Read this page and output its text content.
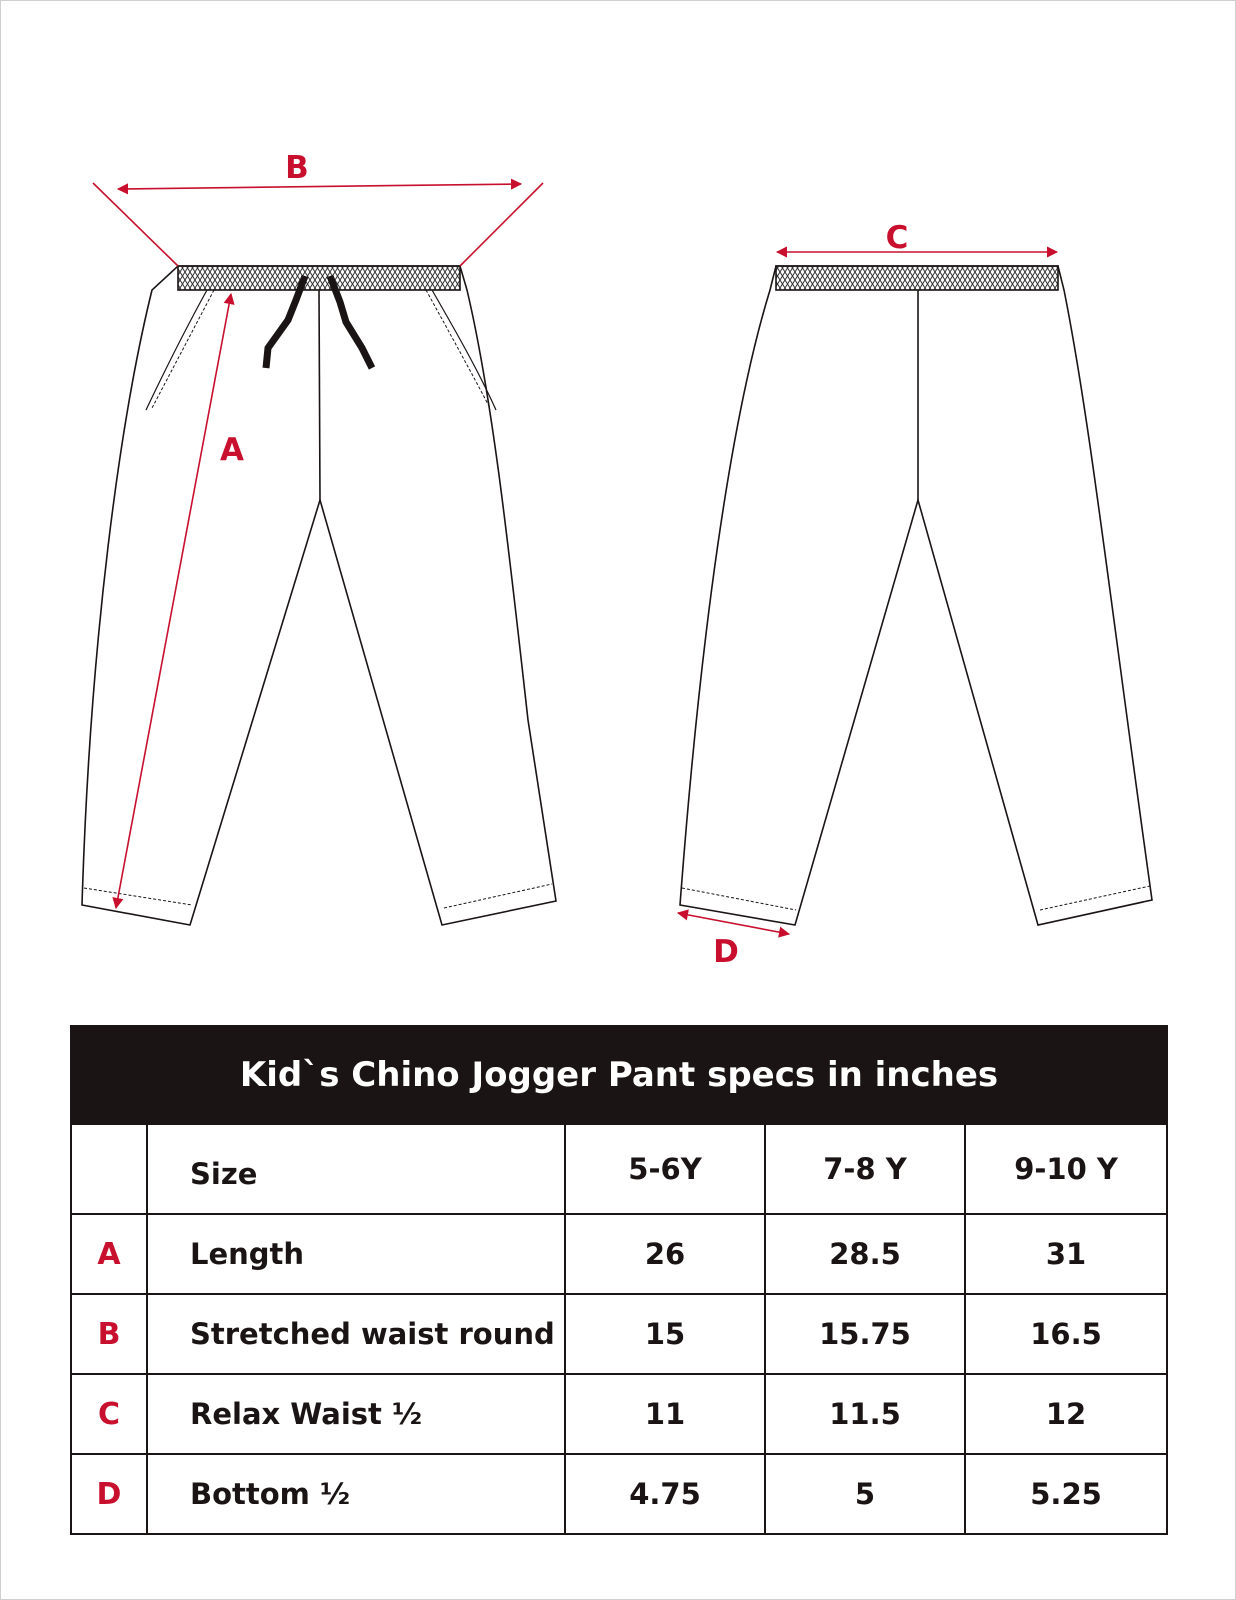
B
A
C
D
Kid`s Chino Jogger Pant specs in inches				
	Size	5-6Y	7-8 Y	9-10 Y
A	Length	26	28.5	31
B	Stretched waist round	15	15.75	16.5
C	Relax Waist ½	11	11.5	12
D	Bottom ½	4.75	5	5.25
